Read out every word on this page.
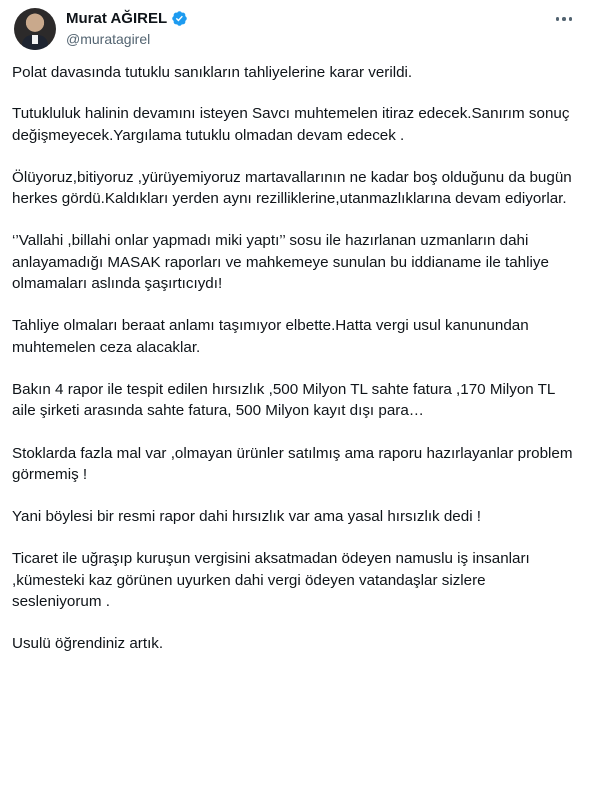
Murat AĞIREL
@muratagirel

Polat davasında tutuklu sanıkların tahliyelerine karar verildi.

Tutukluluk halinin devamını isteyen Savcı muhtemelen itiraz edecek.Sanırım sonuç değişmeyecek.Yargılama tutuklu olmadan devam edecek .

Ölüyoruz,bitiyoruz ,yürüyemiyoruz martavallarının ne kadar boş olduğunu da bugün herkes gördü.Kaldıkları yerden aynı rezilliklerine,utanmazlıklarına devam ediyorlar.

‘’Vallahi ,billahi onlar yapmadı miki yaptı’’ sosu ile hazırlanan uzmanların dahi anlayamadığı MASAK raporları ve mahkemeye sunulan bu iddianame ile tahliye olmamaları aslında şaşırtıcıydı!

Tahliye olmaları beraat anlamı taşımıyor elbette.Hatta vergi usul kanunundan muhtemelen ceza alacaklar.

Bakın 4 rapor ile tespit edilen hırsızlık ,500 Milyon TL sahte fatura ,170 Milyon TL aile şirketi arasında sahte fatura, 500 Milyon kayıt dışı para…

Stoklarda fazla mal var ,olmayan ürünler satılmış ama raporu hazırlayanlar problem görmemiş !

Yani böylesi bir resmi rapor dahi hırsızlık var ama yasal hırsızlık dedi !

Ticaret ile uğraşıp kuruşun vergisini aksatmadan ödeyen namuslu iş insanları ,kümesteki kaz görünen uyurken dahi vergi ödeyen vatandaşlar sizlere sesleniyorum .

Usulü öğrendiniz artık.
